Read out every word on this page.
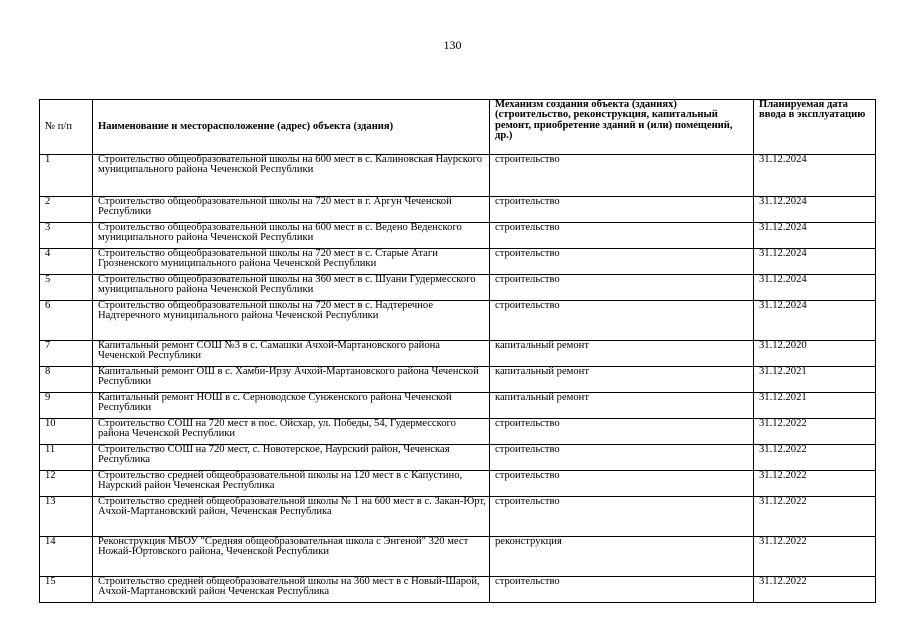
130
№ п/п	Наименование и месторасположение (адрес) объекта (здания)	Механизм создания объекта (зданиях) (строительство, реконструкция, капитальный ремонт, приобретение зданий и (или) помещений, др.)	Планируемая дата ввода в эксплуатацию
1	Строительство общеобразовательной школы на 600 мест в с. Калиновская Наурского муниципального района Чеченской Республики	строительство	31.12.2024
2	Строительство общеобразовательной школы на 720 мест в г. Аргун Чеченской Республики	строительство	31.12.2024
3	Строительство общеобразовательной школы на 600 мест в с. Ведено Веденского муниципального района Чеченской Республики	строительство	31.12.2024
4	Строительство общеобразовательной школы на 720 мест в с. Старые Атаги Грозненского муниципального района Чеченской Республики	строительство	31.12.2024
5	Строительство общеобразовательной школы на 360 мест в с. Шуани Гудермесского муниципального района Чеченской Республики	строительство	31.12.2024
6	Строительство общеобразовательной школы на 720 мест в с. Надтеречное Надтеречного муниципального района Чеченской Республики	строительство	31.12.2024
7	Капитальный ремонт СОШ №3 в с. Самашки Ачхой-Мартановского района Чеченской Республики	капитальный ремонт	31.12.2020
8	Капитальный ремонт ОШ в с. Хамби-Ирзу Ачхой-Мартановского района Чеченской Республики	капитальный ремонт	31.12.2021
9	Капитальный ремонт НОШ в с. Серноводское Сунженского района Чеченской Республики	капитальный ремонт	31.12.2021
10	Строительство СОШ на 720 мест в пос. Ойсхар, ул. Победы, 54, Гудермесского района Чеченской Республики	строительство	31.12.2022
11	Строительство СОШ на 720 мест, с. Новотерское, Наурский район, Чеченская Республика	строительство	31.12.2022
12	Строительство средней общеобразовательной школы на 120 мест в с Капустино, Наурский район Чеченская Республика	строительство	31.12.2022
13	Строительство средней общеобразовательной школы № 1 на 600 мест в с. Закан-Юрт, Ачхой-Мартановский район, Чеченская Республика	строительство	31.12.2022
14	Реконструкция МБОУ "Средняя общеобразовательная школа с Энгеной" 320 мест Ножай-Юртовского района, Чеченской Республики	реконструкция	31.12.2022
15	Строительство средней общеобразовательной школы на 360 мест в с Новый-Шарой, Ачхой-Мартановский район Чеченская Республика	строительство	31.12.2022
